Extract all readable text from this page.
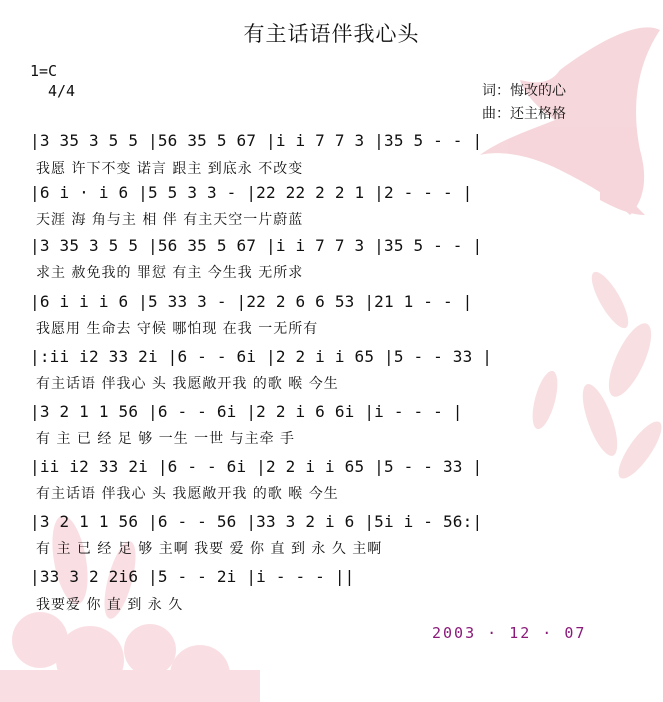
有主话语伴我心头
1=C
4/4	词：悔改的心
曲：还主格格
|3 35 3 5 5 |56 35 5 67 |i i 7 7 3 |35 5 - - |
我愿 许下不变 诺言 跟主 到底永 不改变
|6 i · i 6 |5 5 3 3 - |22 22 2 2 1 |2 - - - |
天涯 海 角与主 相 伴 有主天空一片蔚蓝
|3 35 3 5 5 |56 35 5 67 |i i 7 7 3 |35 5 - - |
求主 赦免我的 罪愆 有主 今生我 无所求
|6 i i i 6 |5 33 3 - |22 2 6 6 53 |21 1 - - |
我愿用 生命去 守候 哪怕现 在我 一无所有
|:ii i2 33 2i |6 - - 6i |2 2 i i 65 |5 - - 33 |
有主话语 伴我心 头 我愿敞开我 的歌 喉 今生
|3 2 1 1 56 |6 - - 6i |2 2 i 6 6i |i - - - |
有 主 已 经 足 够 一生 一世 与主牵 手
|ii i2 33 2i |6 - - 6i |2 2 i i 65 |5 - - 33 |
有主话语 伴我心 头 我愿敞开我 的歌 喉 今生
|3 2 1 1 56 |6 - - 56 |33 3 2 i 6 |5i i - 56:|
有 主 已 经 足 够 主啊 我要 爱 你 直 到 永 久 主啊
|33 3 2 2i6 |5 - - 2i |i - - - ||
我要爱 你 直 到 永 久
2003 · 12 · 07
